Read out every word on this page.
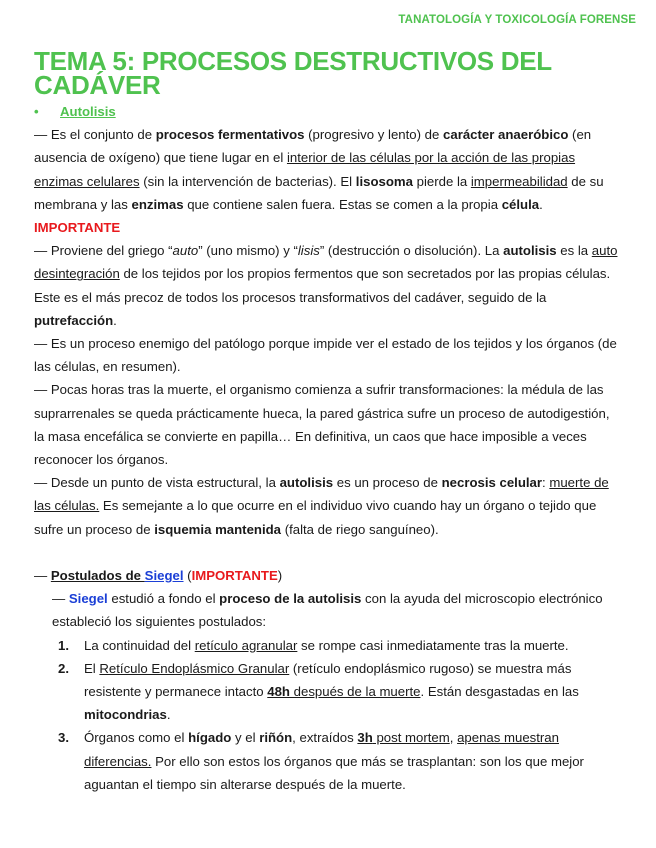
TANATOLOGÍA Y TOXICOLOGÍA FORENSE
TEMA 5: PROCESOS DESTRUCTIVOS DEL CADÁVER
• Autolisis

— Es el conjunto de procesos fermentativos (progresivo y lento) de carácter anaeróbico (en ausencia de oxígeno) que tiene lugar en el interior de las células por la acción de las propias enzimas celulares (sin la intervención de bacterias). El lisosoma pierde la impermeabilidad de su membrana y las enzimas que contiene salen fuera. Estas se comen a la propia célula. IMPORTANTE

— Proviene del griego “auto” (uno mismo) y “lisis” (destrucción o disolución). La autolisis es la auto desintegración de los tejidos por los propios fermentos que son secretados por las propias células. Este es el más precoz de todos los procesos transformativos del cadáver, seguido de la putrefacción.

— Es un proceso enemigo del patólogo porque impide ver el estado de los tejidos y los órganos (de las células, en resumen).

— Pocas horas tras la muerte, el organismo comienza a sufrir transformaciones: la médula de las suprarrenales se queda prácticamente hueca, la pared gástrica sufre un proceso de autodigestión, la masa encefálica se convierte en papilla… En definitiva, un caos que hace imposible a veces reconocer los órganos.

— Desde un punto de vista estructural, la autolisis es un proceso de necrosis celular: muerte de las células. Es semejante a lo que ocurre en el individuo vivo cuando hay un órgano o tejido que sufre un proceso de isquemia mantenida (falta de riego sanguíneo).

— Postulados de Siegel (IMPORTANTE)

— Siegel estudió a fondo el proceso de la autolisis con la ayuda del microscopio electrónico estableció los siguientes postulados:

1. La continuidad del retículo agranular se rompe casi inmediatamente tras la muerte.
2. El Retículo Endoplásmico Granular (retículo endoplásmico rugoso) se muestra más resistente y permanece intacto 48h después de la muerte. Están desgastadas en las mitocondrias.
3. Órganos como el hígado y el riñón, extraídos 3h post mortem, apenas muestran diferencias. Por ello son estos los órganos que más se trasplantan: son los que mejor aguantan el tiempo sin alterarse después de la muerte.
